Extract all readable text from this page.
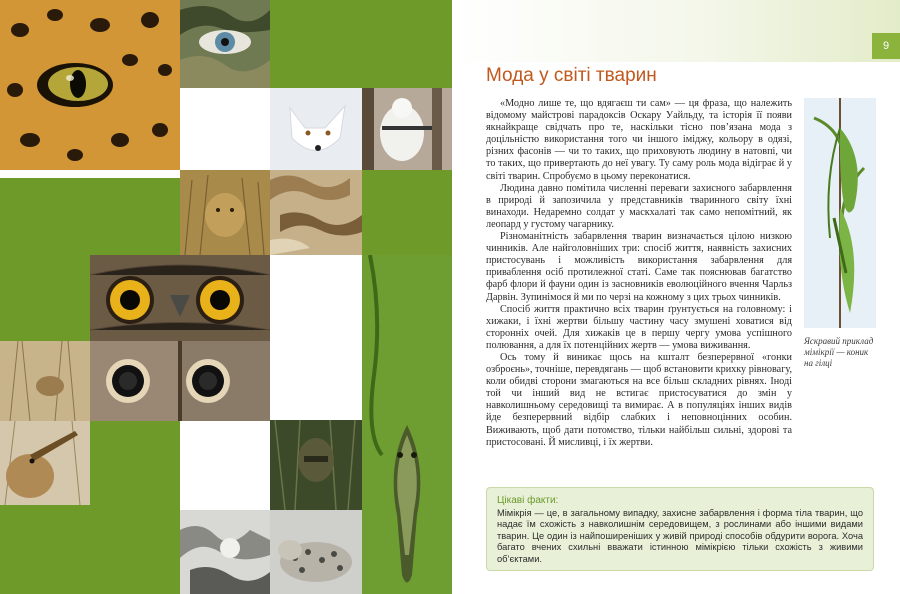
9
Мода у світі тварин

«Модно лише те, що вдягаєш ти сам» — ця фраза, що належить відомому майстрові парадоксів Оскару Уайльду, та історія її появи якнайкраще свідчать про те, наскільки тісно пов’язана мода з доцільністю використання того чи іншого іміджу, кольору в одязі, різних фасонів — чи то таких, що приховують людину в натовпі, чи то таких, що привертають до неї увагу. Ту саму роль мода відіграє й у світі тварин. Спробуємо в цьому переконатися.

Людина давно помітила численні переваги захисного забарвлення в природі й запозичила у представників тваринного світу їхні винаходи. Недаремно солдат у маскхалаті так само непомітний, як леопард у густому чагарнику.

Різноманітність забарвлення тварин визначається цілою низкою чинників. Але найголовніших три: спосіб життя, наявність захисних пристосувань і можливість використання забарвлення для приваблення осіб протилежної статі. Саме так пояснював багатство фарб флори й фауни один із засновників еволюційного вчення Чарльз Дарвін. Зупинімося й ми по черзі на кожному з цих трьох чинників.

Спосіб життя практично всіх тварин ґрунтується на головному: і хижаки, і їхні жертви більшу частину часу змушені ховатися від сторонніх очей. Для хижаків це в першу чергу умова успішного полювання, а для їх потенційних жертв — умова виживання.

Ось тому й виникає щось на кшталт безперервної «гонки озброєнь», точніше, перевдягань — щоб встановити крихку рівновагу, коли обидві сторони змагаються на все більш складних рівнях. Іноді той чи інший вид не встигає пристосуватися до змін у навколишньому середовищі та вимирає. А в популяціях інших видів йде безперервний відбір слабких і неповноцінних особин. Виживають, щоб дати потомство, тільки найбільш сильні, здорові та пристосовані. Й мисливці, і їх жертви.

Яскравий приклад мімікрії — коник на гілці
Цікаві факти:
Мімікрія — це, в загальному випадку, захисне забарвлення і форма тіла тварин, що надає їм схожість з навколишнім середовищем, з рослинами або іншими видами тварин. Це один із найпоширеніших у живій природі способів обдурити ворога. Хоча багато вчених схильні вважати істинною мімікрією тільки схожість з живими об’єктами.
